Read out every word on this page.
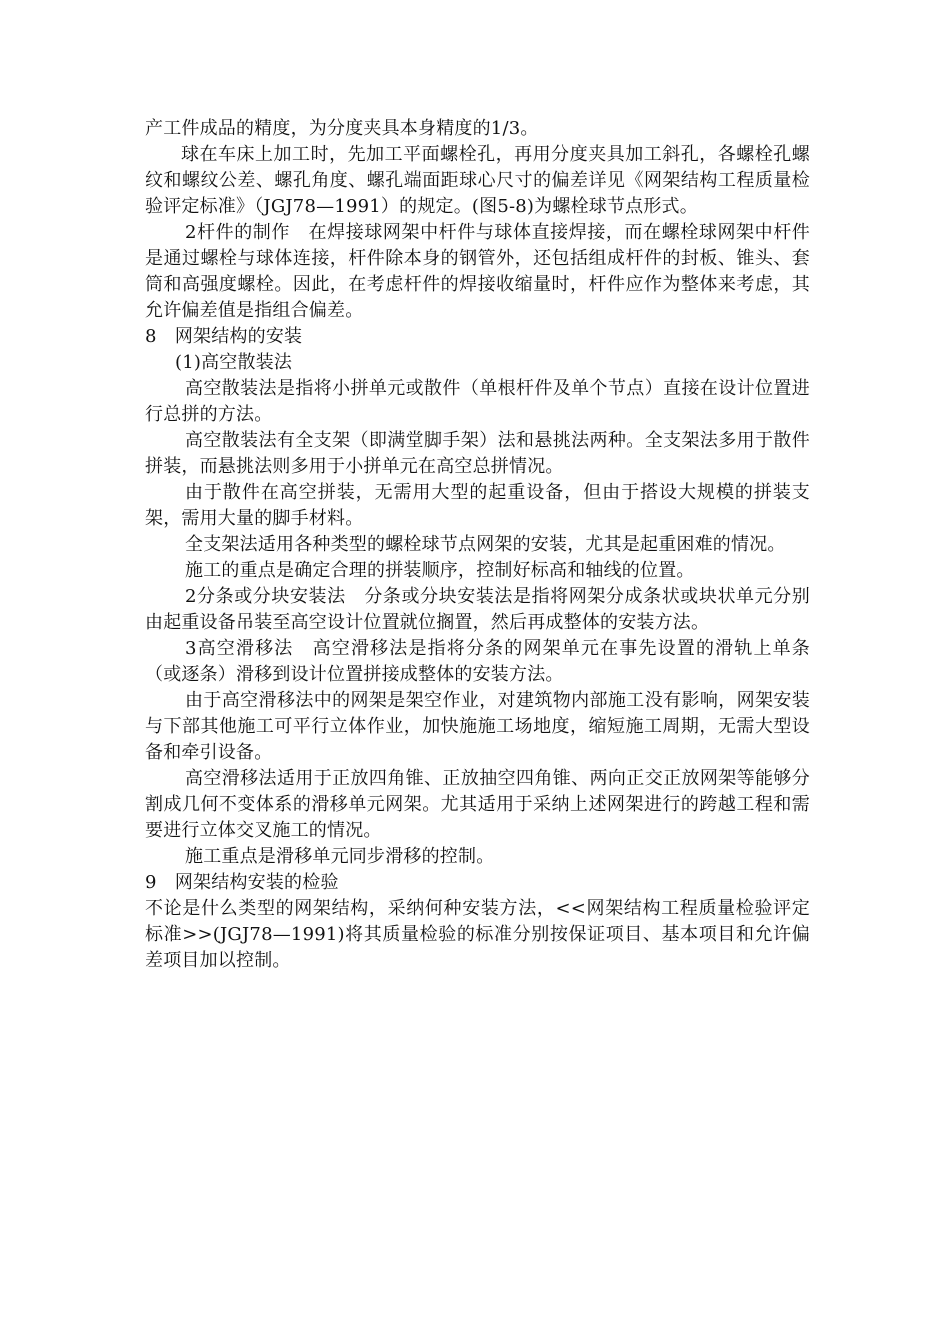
产工件成品的精度，为分度夹具本身精度的1/3。

球在车床上加工时，先加工平面螺栓孔，再用分度夹具加工斜孔，各螺栓孔螺纹和螺纹公差、螺孔角度、螺孔端面距球心尺寸的偏差详见《网架结构工程质量检验评定标准》（JGJ78—1991）的规定。(图5-8)为螺栓球节点形式。

2杆件的制作　在焊接球网架中杆件与球体直接焊接，而在螺栓球网架中杆件是通过螺栓与球体连接，杆件除本身的钢管外，还包括组成杆件的封板、锥头、套筒和高强度螺栓。因此，在考虑杆件的焊接收缩量时，杆件应作为整体来考虑，其允许偏差值是指组合偏差。

8　网架结构的安装

(1)高空散装法

高空散装法是指将小拼单元或散件（单根杆件及单个节点）直接在设计位置进行总拼的方法。

高空散装法有全支架（即满堂脚手架）法和悬挑法两种。全支架法多用于散件拼装，而悬挑法则多用于小拼单元在高空总拼情况。

由于散件在高空拼装，无需用大型的起重设备，但由于搭设大规模的拼装支架，需用大量的脚手材料。

全支架法适用各种类型的螺栓球节点网架的安装，尤其是起重困难的情况。

施工的重点是确定合理的拼装顺序，控制好标高和轴线的位置。

2分条或分块安装法　分条或分块安装法是指将网架分成条状或块状单元分别由起重设备吊装至高空设计位置就位搁置，然后再成整体的安装方法。

3高空滑移法　高空滑移法是指将分条的网架单元在事先设置的滑轨上单条（或逐条）滑移到设计位置拼接成整体的安装方法。

由于高空滑移法中的网架是架空作业，对建筑物内部施工没有影响，网架安装与下部其他施工可平行立体作业，加快施施工场地度，缩短施工周期，无需大型设备和牵引设备。

高空滑移法适用于正放四角锥、正放抽空四角锥、两向正交正放网架等能够分割成几何不变体系的滑移单元网架。尤其适用于采纳上述网架进行的跨越工程和需要进行立体交叉施工的情况。

施工重点是滑移单元同步滑移的控制。

9　网架结构安装的检验

不论是什么类型的网架结构，采纳何种安装方法，<<网架结构工程质量检验评定标准>>(JGJ78—1991)将其质量检验的标准分别按保证项目、基本项目和允许偏差项目加以控制。
